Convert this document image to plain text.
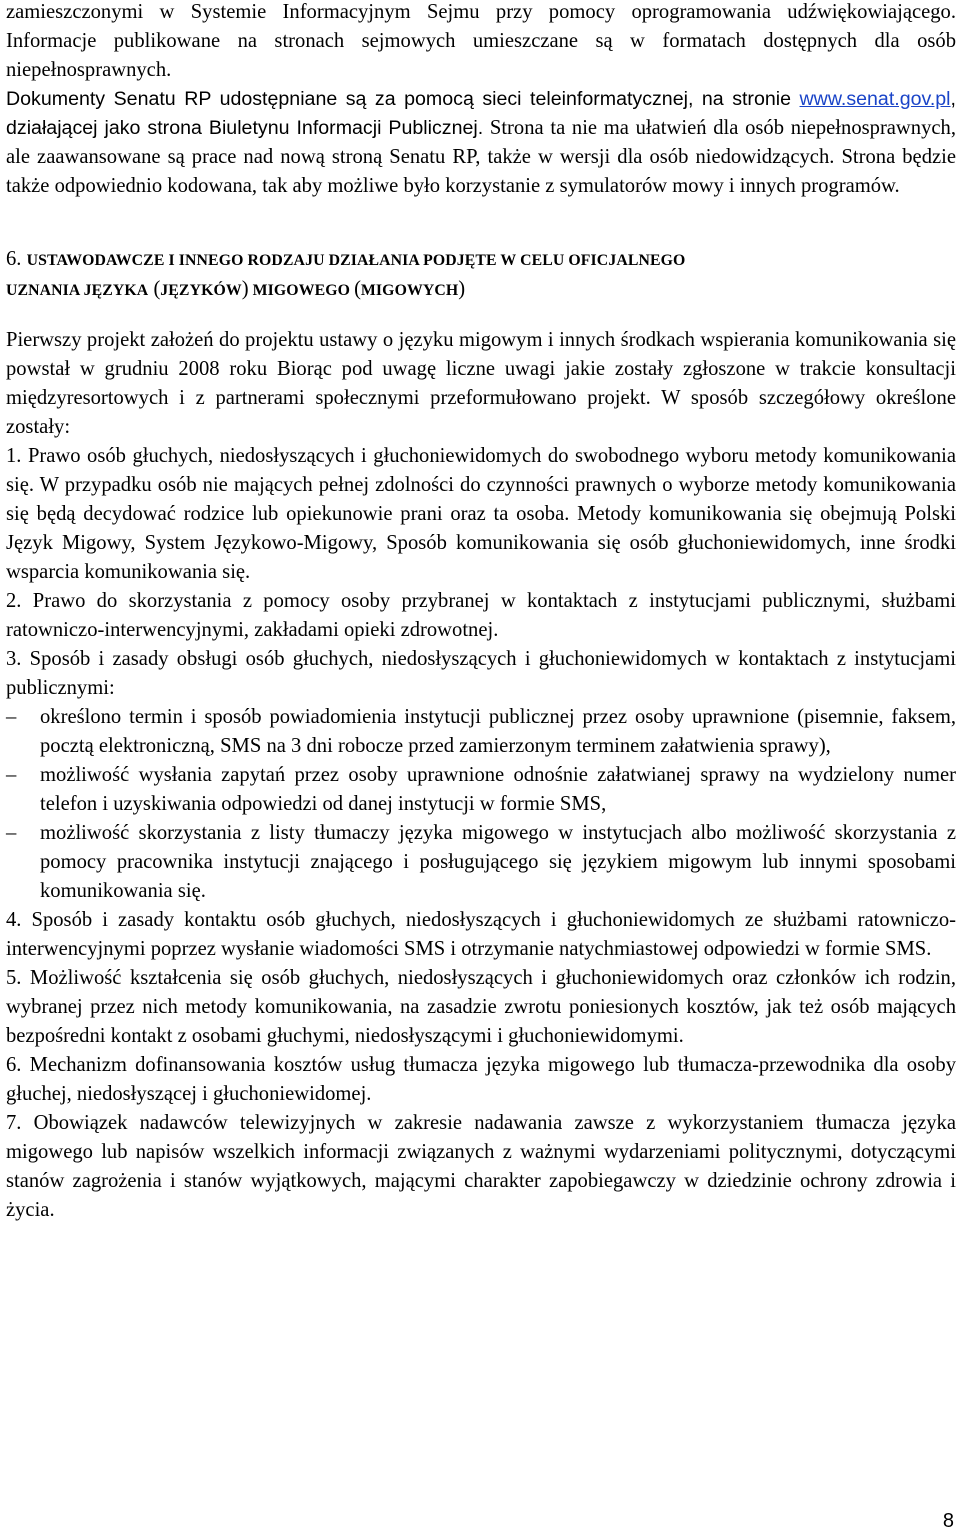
zamieszczonymi w Systemie Informacyjnym Sejmu przy pomocy oprogramowania udźwiękowiającego. Informacje publikowane na stronach sejmowych umieszczane są w formatach dostępnych dla osób niepełnosprawnych.

Dokumenty Senatu RP udostępniane są za pomocą sieci teleinformatycznej, na stronie www.senat.gov.pl, działającej jako strona Biuletynu Informacji Publicznej. Strona ta nie ma ułatwień dla osób niepełnosprawnych, ale zaawansowane są prace nad nową stroną Senatu RP, także w wersji dla osób niedowidzących. Strona będzie także odpowiednio kodowana, tak aby możliwe było korzystanie z symulatorów mowy i innych programów.

6. USTAWODAWCZE I INNEGO RODZAJU DZIAŁANIA PODJĘTE W CELU OFICJALNEGO
UZNANIA JĘZYKA (JĘZYKÓW) MIGOWEGO (MIGOWYCH)

Pierwszy projekt założeń do projektu ustawy o języku migowym i innych środkach wspierania komunikowania się powstał w grudniu 2008 roku Biorąc pod uwagę liczne uwagi jakie zostały zgłoszone w trakcie konsultacji międzyresortowych i z partnerami społecznymi przeformułowano projekt. W sposób szczegółowy określone zostały:

1. Prawo osób głuchych, niedosłyszących i głuchoniewidomych do swobodnego wyboru metody komunikowania się. W przypadku osób nie mających pełnej zdolności do czynności prawnych o wyborze metody komunikowania się będą decydować rodzice lub opiekunowie prani oraz ta osoba. Metody komunikowania się obejmują Polski Język Migowy, System Językowo-Migowy, Sposób komunikowania się osób głuchoniewidomych, inne środki wsparcia komunikowania się.

2. Prawo do skorzystania z pomocy osoby przybranej w kontaktach z instytucjami publicznymi, służbami ratowniczo-interwencyjnymi, zakładami opieki zdrowotnej.

3. Sposób i zasady obsługi osób głuchych, niedosłyszących i głuchoniewidomych w kontaktach z instytucjami publicznymi:

–	określono termin i sposób powiadomienia instytucji publicznej przez osoby uprawnione (pisemnie, faksem, pocztą elektroniczną, SMS na 3 dni robocze przed zamierzonym terminem załatwienia sprawy),
–	możliwość wysłania zapytań przez osoby uprawnione odnośnie załatwianej sprawy na wydzielony numer telefon i uzyskiwania odpowiedzi od danej instytucji w formie SMS,
–	możliwość skorzystania z listy tłumaczy języka migowego w instytucjach albo możliwość skorzystania z pomocy pracownika instytucji znającego i posługującego się językiem migowym lub innymi sposobami komunikowania się.

4. Sposób i zasady kontaktu osób głuchych, niedosłyszących i głuchoniewidomych ze służbami ratowniczo-interwencyjnymi poprzez wysłanie wiadomości SMS i otrzymanie natychmiastowej odpowiedzi w formie SMS.

5. Możliwość kształcenia się osób głuchych, niedosłyszących i głuchoniewidomych oraz członków ich rodzin, wybranej przez nich metody komunikowania, na zasadzie zwrotu poniesionych kosztów, jak też osób mających bezpośredni kontakt z osobami głuchymi, niedosłyszącymi i głuchoniewidomymi.

6. Mechanizm dofinansowania kosztów usług tłumacza języka migowego lub tłumacza-przewodnika dla osoby głuchej, niedosłyszącej i głuchoniewidomej.

7. Obowiązek nadawców telewizyjnych w zakresie nadawania zawsze z wykorzystaniem tłumacza języka migowego lub napisów wszelkich informacji związanych z ważnymi wydarzeniami politycznymi, dotyczącymi stanów zagrożenia i stanów wyjątkowych, mającymi charakter zapobiegawczy w dziedzinie ochrony zdrowia i życia.

8
